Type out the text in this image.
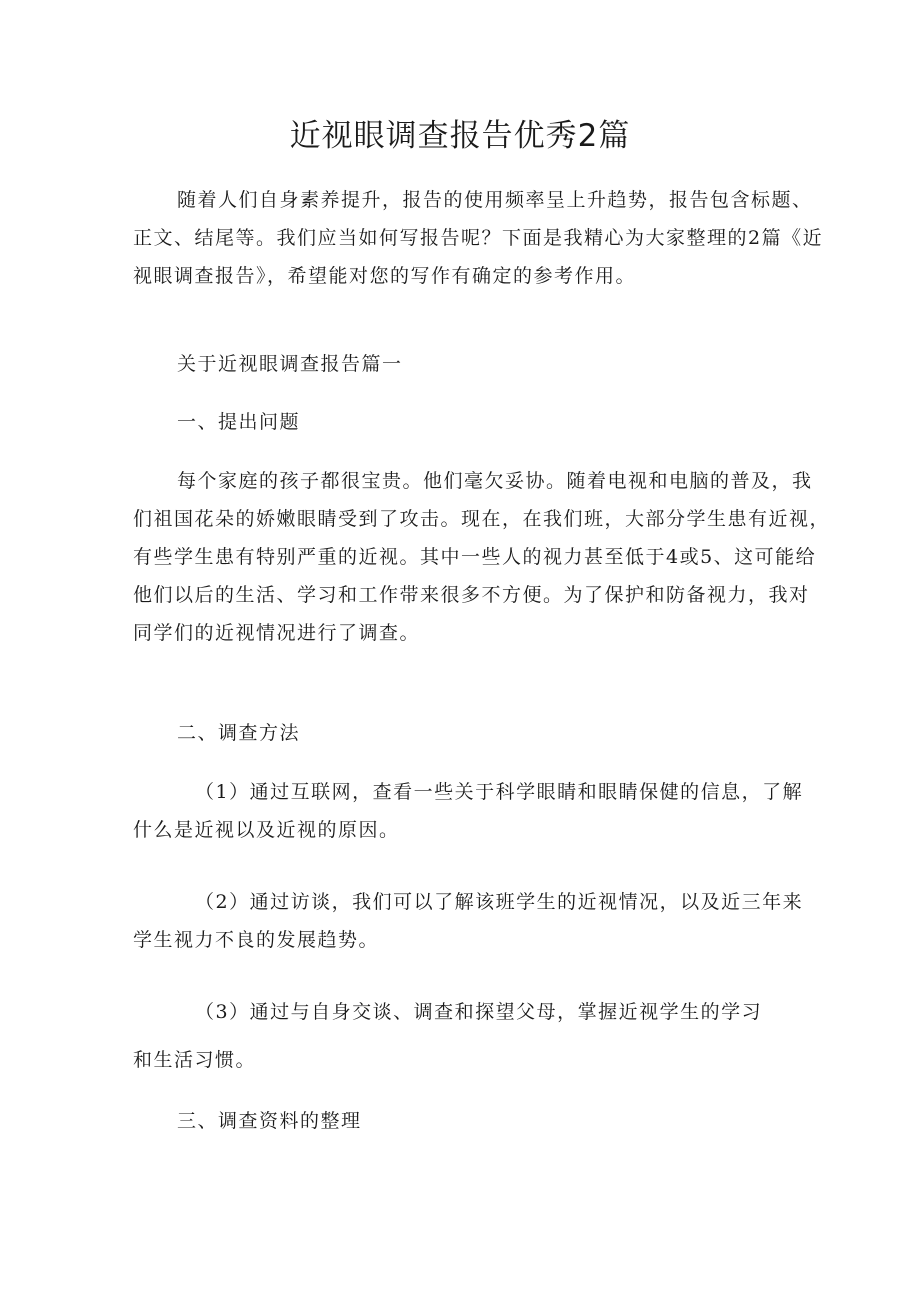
近视眼调查报告优秀2篇

随着人们自身素养提升，报告的使用频率呈上升趋势，报告包含标题、
正文、结尾等。我们应当如何写报告呢？下面是我精心为大家整理的2篇《近
视眼调查报告》，希望能对您的写作有确定的参考作用。

关于近视眼调查报告篇一

一、提出问题

每个家庭的孩子都很宝贵。他们毫欠妥协。随着电视和电脑的普及，我
们祖国花朵的娇嫩眼睛受到了攻击。现在，在我们班，大部分学生患有近视，
有些学生患有特别严重的近视。其中一些人的视力甚至低于4或5、这可能给
他们以后的生活、学习和工作带来很多不方便。为了保护和防备视力，我对
同学们的近视情况进行了调查。

二、调查方法

（1）通过互联网，查看一些关于科学眼睛和眼睛保健的信息，了解
什么是近视以及近视的原因。

（2）通过访谈，我们可以了解该班学生的近视情况，以及近三年来
学生视力不良的发展趋势。

（3）通过与自身交谈、调查和探望父母，掌握近视学生的学习
和生活习惯。

三、调查资料的整理
